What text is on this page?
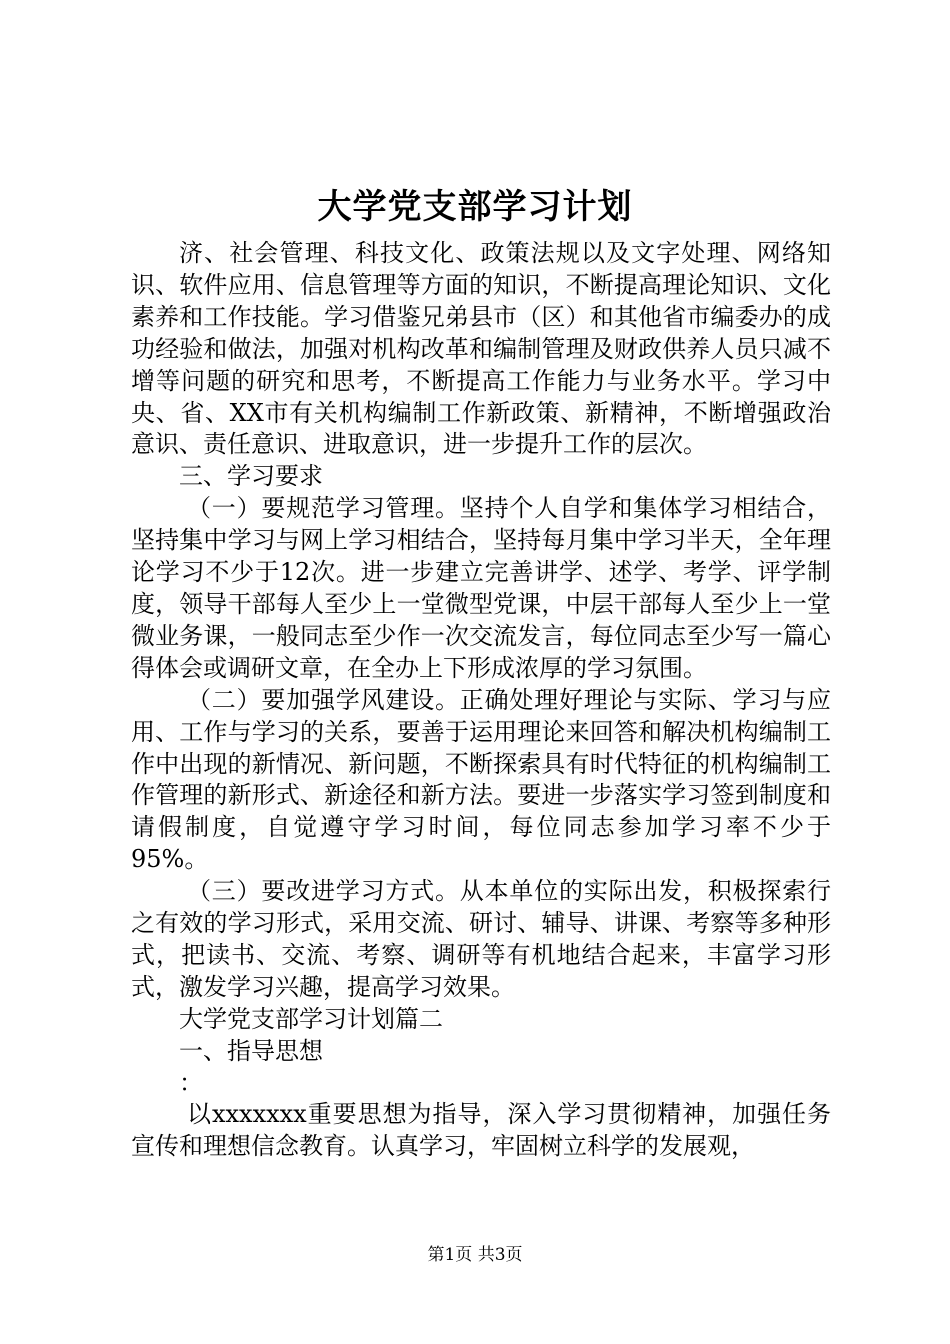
大学党支部学习计划

济、社会管理、科技文化、政策法规以及文字处理、网络知识、软件应用、信息管理等方面的知识，不断提高理论知识、文化素养和工作技能。学习借鉴兄弟县市（区）和其他省市编委办的成功经验和做法，加强对机构改革和编制管理及财政供养人员只减不增等问题的研究和思考，不断提高工作能力与业务水平。学习中央、省、XX市有关机构编制工作新政策、新精神，不断增强政治意识、责任意识、进取意识，进一步提升工作的层次。

三、学习要求

（一）要规范学习管理。坚持个人自学和集体学习相结合，坚持集中学习与网上学习相结合，坚持每月集中学习半天，全年理论学习不少于12次。进一步建立完善讲学、述学、考学、评学制度，领导干部每人至少上一堂微型党课，中层干部每人至少上一堂微业务课，一般同志至少作一次交流发言，每位同志至少写一篇心得体会或调研文章，在全办上下形成浓厚的学习氛围。

（二）要加强学风建设。正确处理好理论与实际、学习与应用、工作与学习的关系，要善于运用理论来回答和解决机构编制工作中出现的新情况、新问题，不断探索具有时代特征的机构编制工作管理的新形式、新途径和新方法。要进一步落实学习签到制度和请假制度，自觉遵守学习时间，每位同志参加学习率不少于95%。

（三）要改进学习方式。从本单位的实际出发，积极探索行之有效的学习形式，采用交流、研讨、辅导、讲课、考察等多种形式，把读书、交流、考察、调研等有机地结合起来，丰富学习形式，激发学习兴趣，提高学习效果。

大学党支部学习计划篇二

一、指导思想

：

以xxxxxxx重要思想为指导，深入学习贯彻精神，加强任务宣传和理想信念教育。认真学习，牢固树立科学的发展观，

第1页 共3页
